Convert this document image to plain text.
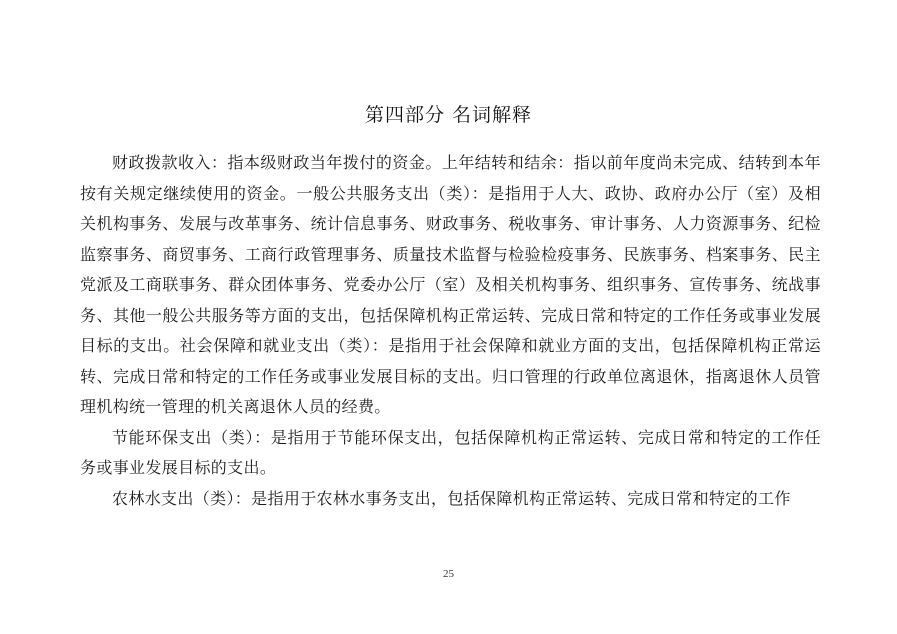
第四部分 名词解释

财政拨款收入：指本级财政当年拨付的资金。上年结转和结余：指以前年度尚未完成、结转到本年按有关规定继续使用的资金。一般公共服务支出（类）：是指用于人大、政协、政府办公厅（室）及相关机构事务、发展与改革事务、统计信息事务、财政事务、税收事务、审计事务、人力资源事务、纪检监察事务、商贸事务、工商行政管理事务、质量技术监督与检验检疫事务、民族事务、档案事务、民主党派及工商联事务、群众团体事务、党委办公厅（室）及相关机构事务、组织事务、宣传事务、统战事务、其他一般公共服务等方面的支出，包括保障机构正常运转、完成日常和特定的工作任务或事业发展目标的支出。社会保障和就业支出（类）：是指用于社会保障和就业方面的支出，包括保障机构正常运转、完成日常和特定的工作任务或事业发展目标的支出。归口管理的行政单位离退休，指离退休人员管理机构统一管理的机关离退休人员的经费。

节能环保支出（类）：是指用于节能环保支出，包括保障机构正常运转、完成日常和特定的工作任务或事业发展目标的支出。

农林水支出（类）：是指用于农林水事务支出，包括保障机构正常运转、完成日常和特定的工作

25
